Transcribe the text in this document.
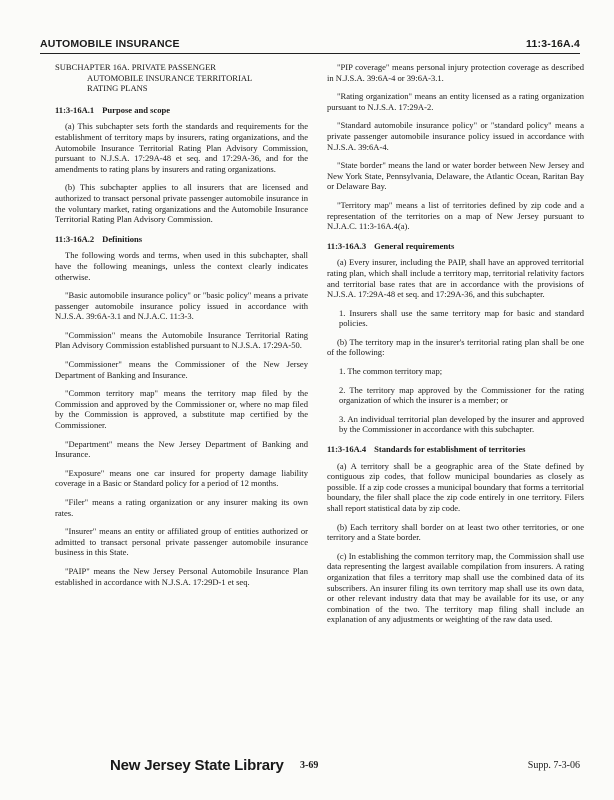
AUTOMOBILE INSURANCE	11:3-16A.4
SUBCHAPTER 16A. PRIVATE PASSENGER
AUTOMOBILE INSURANCE TERRITORIAL
RATING PLANS
11:3-16A.1 Purpose and scope

(a) This subchapter sets forth the standards and requirements for the establishment of territory maps by insurers, rating organizations, and the Automobile Insurance Territorial Rating Plan Advisory Commission, pursuant to N.J.S.A. 17:29A-48 et seq. and 17:29A-36, and for the amendments to rating plans by insurers and rating organizations.

(b) This subchapter applies to all insurers that are licensed and authorized to transact personal private passenger automobile insurance in the voluntary market, rating organizations and the Automobile Insurance Territorial Rating Plan Advisory Commission.

11:3-16A.2 Definitions

The following words and terms, when used in this subchapter, shall have the following meanings, unless the context clearly indicates otherwise.

"Basic automobile insurance policy" or "basic policy" means a private passenger automobile insurance policy issued in accordance with N.J.S.A. 39:6A-3.1 and N.J.A.C. 11:3-3.

"Commission" means the Automobile Insurance Territorial Rating Plan Advisory Commission established pursuant to N.J.S.A. 17:29A-50.

"Commissioner" means the Commissioner of the New Jersey Department of Banking and Insurance.

"Common territory map" means the territory map filed by the Commission and approved by the Commissioner or, where no map filed by the Commission is approved, a substitute map certified by the Commissioner.

"Department" means the New Jersey Department of Banking and Insurance.

"Exposure" means one car insured for property damage liability coverage in a Basic or Standard policy for a period of 12 months.

"Filer" means a rating organization or any insurer making its own rates.

"Insurer" means an entity or affiliated group of entities authorized or admitted to transact personal private passenger automobile insurance business in this State.

"PAIP" means the New Jersey Personal Automobile Insurance Plan established in accordance with N.J.S.A. 17:29D-1 et seq.

"PIP coverage" means personal injury protection coverage as described in N.J.S.A. 39:6A-4 or 39:6A-3.1.

"Rating organization" means an entity licensed as a rating organization pursuant to N.J.S.A. 17:29A-2.

"Standard automobile insurance policy" or "standard policy" means a private passenger automobile insurance policy issued in accordance with N.J.S.A. 39:6A-4.

"State border" means the land or water border between New Jersey and New York State, Pennsylvania, Delaware, the Atlantic Ocean, Raritan Bay or Delaware Bay.

"Territory map" means a list of territories defined by zip code and a representation of the territories on a map of New Jersey pursuant to N.J.A.C. 11:3-16A.4(a).

11:3-16A.3 General requirements

(a) Every insurer, including the PAIP, shall have an approved territorial rating plan, which shall include a territory map, territorial relativity factors and territorial base rates that are in accordance with the provisions of N.J.S.A. 17:29A-48 et seq. and 17:29A-36, and this subchapter.

1. Insurers shall use the same territory map for basic and standard policies.

(b) The territory map in the insurer's territorial rating plan shall be one of the following:

1. The common territory map;

2. The territory map approved by the Commissioner for the rating organization of which the insurer is a member; or

3. An individual territorial plan developed by the insurer and approved by the Commissioner in accordance with this subchapter.

11:3-16A.4 Standards for establishment of territories

(a) A territory shall be a geographic area of the State defined by contiguous zip codes, that follow municipal boundaries as closely as possible. If a zip code crosses a municipal boundary that forms a territorial boundary, the filer shall place the zip code entirely in one territory. Filers shall report statistical data by zip code.

(b) Each territory shall border on at least two other territories, or one territory and a State border.

(c) In establishing the common territory map, the Commission shall use data representing the largest available compilation from insurers. A rating organization that files a territory map shall use the combined data of its subscribers. An insurer filing its own territory map shall use its own data, or other relevant industry data that may be available for its use, or any combination of the two. The territory map filing shall include an explanation of any adjustments or weighting of the raw data used.

New Jersey State Library 3-69	Supp. 7-3-06
